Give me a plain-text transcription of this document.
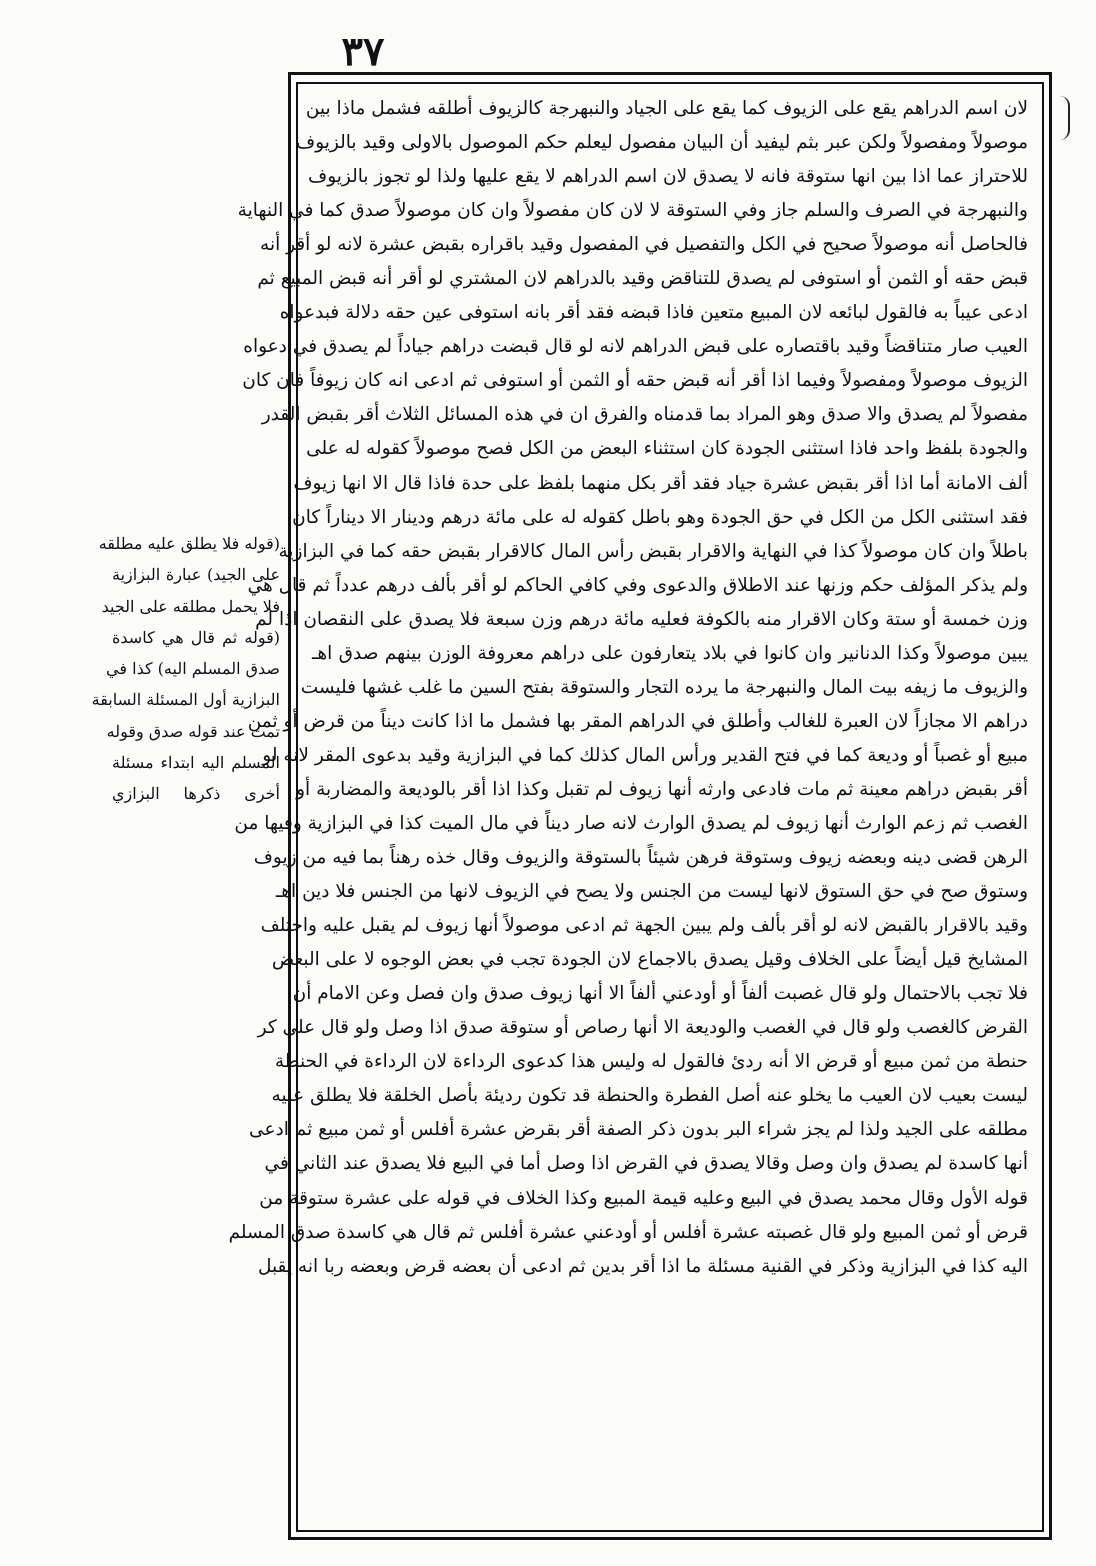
۳۷
لان اسم الدراهم يقع على الزيوف كما يقع على الجياد والنبهرجة كالزيوف أطلقه فشمل ماذا بين
موصولاً ومفصولاً ولكن عبر بثم ليفيد أن البيان مفصول ليعلم حكم الموصول بالاولى وقيد بالزيوف
للاحتراز عما اذا بين انها ستوقة فانه لا يصدق لان اسم الدراهم لا يقع عليها ولذا لو تجوز بالزيوف
والنبهرجة في الصرف والسلم جاز وفي الستوقة لا لان كان مفصولاً وان كان موصولاً صدق كما في النهاية
فالحاصل أنه موصولاً صحيح في الكل والتفصيل في المفصول وقيد باقراره بقبض عشرة لانه لو أقر أنه
قبض حقه أو الثمن أو استوفى لم يصدق للتناقض وقيد بالدراهم لان المشتري لو أقر أنه قبض المبيع ثم
ادعى عيباً به فالقول لبائعه لان المبيع متعين فاذا قبضه فقد أقر بانه استوفى عين حقه دلالة فبدعواه
العيب صار متناقضاً وقيد باقتصاره على قبض الدراهم لانه لو قال قبضت دراهم جياداً لم يصدق في دعواه
الزيوف موصولاً ومفصولاً وفيما اذا أقر أنه قبض حقه أو الثمن أو استوفى ثم ادعى انه كان زيوفاً فان كان
مفصولاً لم يصدق والا صدق وهو المراد بما قدمناه والفرق ان في هذه المسائل الثلاث أقر بقبض القدر
والجودة بلفظ واحد فاذا استثنى الجودة كان استثناء البعض من الكل فصح موصولاً كقوله له على
ألف الامانة أما اذا أقر بقبض عشرة جياد فقد أقر بكل منهما بلفظ على حدة فاذا قال الا انها زيوف
فقد استثنى الكل من الكل في حق الجودة وهو باطل كقوله له على مائة درهم ودينار الا ديناراً كان
باطلاً وان كان موصولاً كذا في النهاية والاقرار بقبض رأس المال كالاقرار بقبض حقه كما في البزازية
ولم يذكر المؤلف حكم وزنها عند الاطلاق والدعوى وفي كافي الحاكم لو أقر بألف درهم عدداً ثم قال هي
وزن خمسة أو ستة وكان الاقرار منه بالكوفة فعليه مائة درهم وزن سبعة فلا يصدق على النقصان اذا لم
يبين موصولاً وكذا الدنانير وان كانوا في بلاد يتعارفون على دراهم معروفة الوزن بينهم صدق اهـ
والزيوف ما زيفه بيت المال والنبهرجة ما يرده التجار والستوقة بفتح السين ما غلب غشها فليست
دراهم الا مجازاً لان العبرة للغالب وأطلق في الدراهم المقر بها فشمل ما اذا كانت ديناً من قرض أو ثمن
مبيع أو غصباً أو وديعة كما في فتح القدير ورأس المال كذلك كما في البزازية وقيد بدعوى المقر لانه لو
أقر بقبض دراهم معينة ثم مات فادعى وارثه أنها زيوف لم تقبل وكذا اذا أقر بالوديعة والمضاربة أو
الغصب ثم زعم الوارث أنها زيوف لم يصدق الوارث لانه صار ديناً في مال الميت كذا في البزازية وفيها من
الرهن قضى دينه وبعضه زيوف وستوقة فرهن شيئاً بالستوقة والزيوف وقال خذه رهناً بما فيه من زيوف
وستوق صح في حق الستوق لانها ليست من الجنس ولا يصح في الزيوف لانها من الجنس فلا دين اهـ
وقيد بالاقرار بالقبض لانه لو أقر بألف ولم يبين الجهة ثم ادعى موصولاً أنها زيوف لم يقبل عليه واختلف
المشايخ قيل أيضاً على الخلاف وقيل يصدق بالاجماع لان الجودة تجب في بعض الوجوه لا على البعض
فلا تجب بالاحتمال ولو قال غصبت ألفاً أو أودعني ألفاً الا أنها زيوف صدق وان فصل وعن الامام أن
القرض كالغصب ولو قال في الغصب والوديعة الا أنها رصاص أو ستوقة صدق اذا وصل ولو قال على كر
حنطة من ثمن مبيع أو قرض الا أنه ردئ فالقول له وليس هذا كدعوى الرداءة لان الرداءة في الحنطة
ليست بعيب لان العيب ما يخلو عنه أصل الفطرة والحنطة قد تكون رديئة بأصل الخلقة فلا يطلق عليه
مطلقه على الجيد ولذا لم يجز شراء البر بدون ذكر الصفة أقر بقرض عشرة أفلس أو ثمن مبيع ثم ادعى
أنها كاسدة لم يصدق وان وصل وقالا يصدق في القرض اذا وصل أما في البيع فلا يصدق عند الثاني في
قوله الأول وقال محمد يصدق في البيع وعليه قيمة المبيع وكذا الخلاف في قوله على عشرة ستوقة من
قرض أو ثمن المبيع ولو قال غصبته عشرة أفلس أو أودعني عشرة أفلس ثم قال هي كاسدة صدق المسلم
اليه كذا في البزازية وذكر في القنية مسئلة ما اذا أقر بدين ثم ادعى أن بعضه قرض وبعضه ربا انه يقبل
(قوله فلا يطلق عليه مطلقه
على الجيد) عبارة البزازية
فلا يحمل مطلقه على الجيد
(قوله ثم قال هي كاسدة
صدق المسلم اليه) كذا في
البزازية أول المسئلة السابقة
تمت عند قوله صدق وقوله
المسلم اليه ابتداء مسئلة
أخرى ذكرها البزازي
